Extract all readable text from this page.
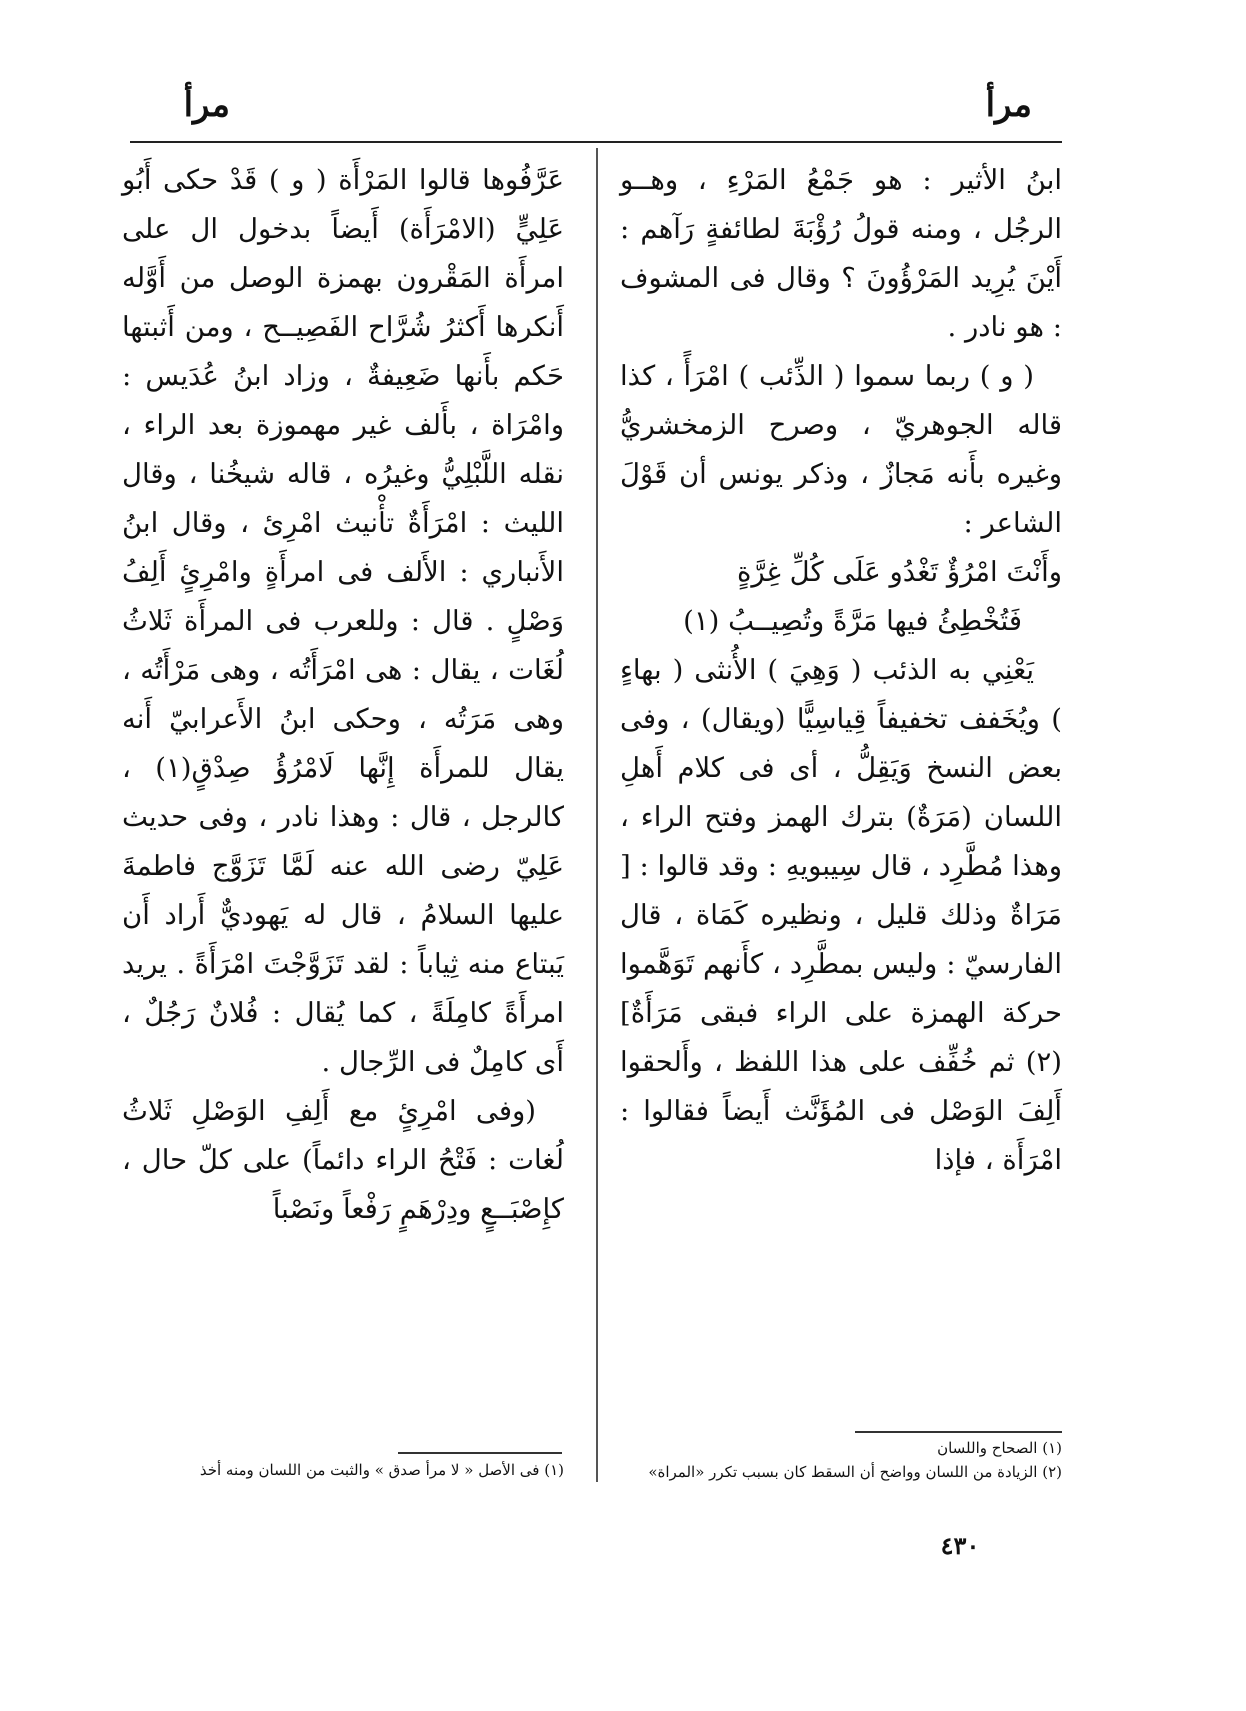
مرأ
مرأ

ابنُ الأثير : هو جَمْعُ المَرْءِ ، وهــو الرجُل ، ومنه قولُ رُؤْبَةَ لطائفةٍ رَآهم : أَيْنَ يُرِيد المَرْؤُونَ ؟ وقال فى المشوف : هو نادر .

( و ) ربما سموا ( الذِّئب ) امْرَأً ، كذا قاله الجوهريّ ، وصرح الزمخشريُّ وغيره بأَنه مَجازٌ ، وذكر يونس أن قَوْلَ الشاعر :

وأَنْتَ امْرُؤٌ تَغْدُو عَلَى كُلِّ غِرَّةٍ

فَتُخْطِئُ فيها مَرَّةً وتُصِيــبُ (١)

يَعْنِي به الذئب ( وَهِيَ ) الأُنثى ( بهاءٍ ) ويُخَفف تخفيفاً قِياسِيًّا (ويقال) ، وفى بعض النسخ وَيَقِلُّ ، أى فى كلام أَهلِ اللسان (مَرَةٌ) بترك الهمز وفتح الراء ، وهذا مُطَّرِد ، قال سِيبويهِ : وقد قالوا : [ مَرَاةٌ وذلك قليل ، ونظيره كَمَاة ، قال الفارسيّ : وليس بمطَّرِد ، كأَنهم تَوَهَّموا حركة الهمزة على الراء فبقى مَرَأَةٌ] (٢) ثم خُفِّف على هذا اللفظ ، وأَلحقوا أَلِفَ الوَصْل فى المُؤَنَّث أَيضاً فقالوا : امْرَأَة ، فإذا

عَرَّفُوها قالوا المَرْأَة ( و ) قَدْ حكى أَبُو عَلِيٍّ (الامْرَأَة) أَيضاً بدخول ال على امرأَة المَقْرون بهمزة الوصل من أَوَّله أَنكرها أَكثرُ شُرَّاح الفَصِيــح ، ومن أَثبتها حَكم بأَنها ضَعِيفةٌ ، وزاد ابنُ عُدَيس : وامْرَاة ، بأَلف غير مهموزة بعد الراء ، نقله اللَّبْلِيُّ وغيرُه ، قاله شيخُنا ، وقال الليث : امْرَأَةٌ تأْنيث امْرِئ ، وقال ابنُ الأَنباري : الأَلف فى امرأَةٍ وامْرِئٍ أَلِفُ وَصْلٍ . قال : وللعرب فى المرأَة ثَلاثُ لُغَات ، يقال : هى امْرَأَتُه ، وهى مَرْأَتُه ، وهى مَرَتُه ، وحكى ابنُ الأَعرابيّ أَنه يقال للمرأَة إِنَّها لَامْرُؤُ صِدْقٍ(١) ، كالرجل ، قال : وهذا نادر ، وفى حديث عَلِيّ رضى الله عنه لَمَّا تَزَوَّج فاطمةَ عليها السلامُ ، قال له يَهوديٌّ أَراد أَن يَبتاع منه ثِياباً : لقد تَزَوَّجْتَ امْرَأَةً . يريد امرأَةً كامِلَةً ، كما يُقال : فُلانٌ رَجُلٌ ، أَى كامِلٌ فى الرِّجال .

(وفى امْرِئٍ مع أَلِفِ الوَصْلِ ثَلاثُ لُغات : فَتْحُ الراء دائماً) على كلّ حال ، كإِصْبَــعٍ ودِرْهَمٍ رَفْعاً ونَصْباً

(١) الصحاح واللسان

(٢) الزيادة من اللسان وواضح أن السقط كان بسبب تكرر «المراة»

(١) فى الأصل « لا مرأ صدق » والثبت من اللسان ومنه أخذ

٤٣٠
